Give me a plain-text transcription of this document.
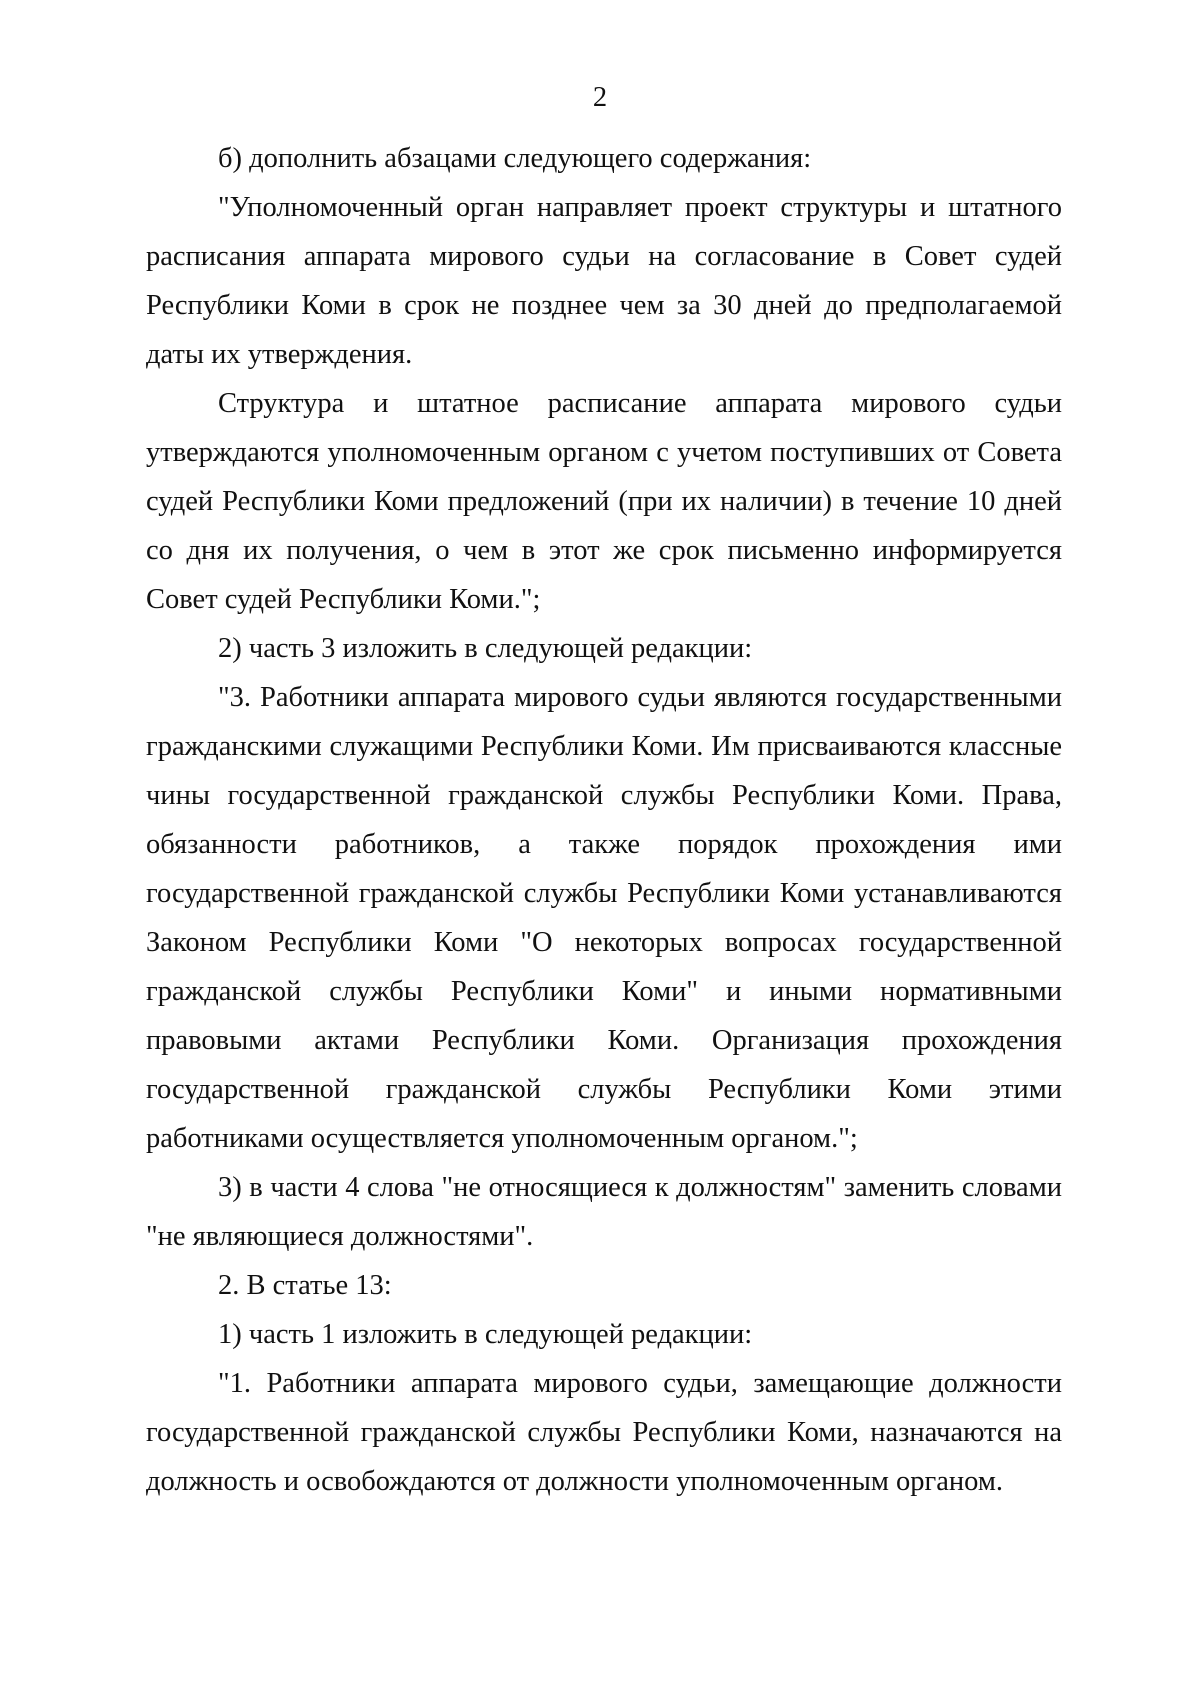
2

б) дополнить абзацами следующего содержания:

"Уполномоченный орган направляет проект структуры и штатного расписания аппарата мирового судьи на согласование в Совет судей Республики Коми в срок не позднее чем за 30 дней до предполагаемой даты их утверждения.

Структура и штатное расписание аппарата мирового судьи утверждаются уполномоченным органом с учетом поступивших от Совета судей Республики Коми предложений (при их наличии) в течение 10 дней со дня их получения, о чем в этот же срок письменно информируется Совет судей Республики Коми.";

2) часть 3 изложить в следующей редакции:

"3. Работники аппарата мирового судьи являются государственными гражданскими служащими Республики Коми. Им присваиваются классные чины государственной гражданской службы Республики Коми. Права, обязанности работников, а также порядок прохождения ими государственной гражданской службы Республики Коми устанавливаются Законом Республики Коми "О некоторых вопросах государственной гражданской службы Республики Коми" и иными нормативными правовыми актами Республики Коми. Организация прохождения государственной гражданской службы Республики Коми этими работниками осуществляется уполномоченным органом.";

3) в части 4 слова "не относящиеся к должностям" заменить словами "не являющиеся должностями".

2. В статье 13:

1) часть 1 изложить в следующей редакции:

"1. Работники аппарата мирового судьи, замещающие должности государственной гражданской службы Республики Коми, назначаются на должность и освобождаются от должности уполномоченным органом.
